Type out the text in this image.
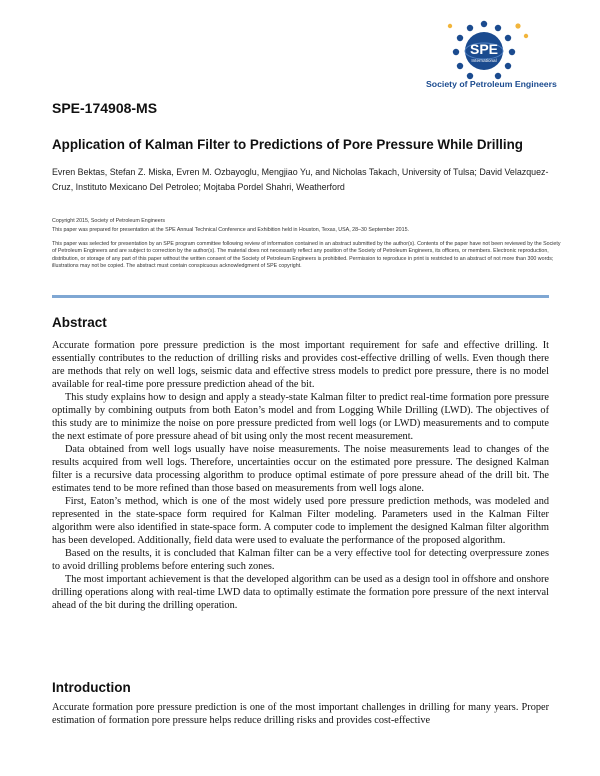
SPE
International
Society of Petroleum Engineers
SPE-174908-MS
Application of Kalman Filter to Predictions of Pore Pressure While Drilling
Evren Bektas, Stefan Z. Miska, Evren M. Ozbayoglu, Mengjiao Yu, and Nicholas Takach, University of Tulsa; David Velazquez-Cruz, Instituto Mexicano Del Petroleo; Mojtaba Pordel Shahri, Weatherford
Copyright 2015, Society of Petroleum Engineers
This paper was prepared for presentation at the SPE Annual Technical Conference and Exhibition held in Houston, Texas, USA, 28–30 September 2015.
This paper was selected for presentation by an SPE program committee following review of information contained in an abstract submitted by the author(s). Contents of the paper have not been reviewed by the Society of Petroleum Engineers and are subject to correction by the author(s). The material does not necessarily reflect any position of the Society of Petroleum Engineers, its officers, or members. Electronic reproduction, distribution, or storage of any part of this paper without the written consent of the Society of Petroleum Engineers is prohibited. Permission to reproduce in print is restricted to an abstract of not more than 300 words; illustrations may not be copied. The abstract must contain conspicuous acknowledgment of SPE copyright.
Abstract

Accurate formation pore pressure prediction is the most important requirement for safe and effective drilling. It essentially contributes to the reduction of drilling risks and provides cost-effective drilling of wells. Even though there are methods that rely on well logs, seismic data and effective stress models to predict pore pressure, there is no model available for real-time pore pressure prediction ahead of the bit.

This study explains how to design and apply a steady-state Kalman filter to predict real-time formation pore pressure optimally by combining outputs from both Eaton’s model and from Logging While Drilling (LWD). The objectives of this study are to minimize the noise on pore pressure predicted from well logs (or LWD) measurements and to compute the next estimate of pore pressure ahead of bit using only the most recent measurement.

Data obtained from well logs usually have noise measurements. The noise measurements lead to changes of the results acquired from well logs. Therefore, uncertainties occur on the estimated pore pressure. The designed Kalman filter is a recursive data processing algorithm to produce optimal estimate of pore pressure ahead of the drill bit. The estimates tend to be more refined than those based on measurements from well logs alone.

First, Eaton’s method, which is one of the most widely used pore pressure prediction methods, was modeled and represented in the state-space form required for Kalman Filter modeling. Parameters used in the Kalman Filter algorithm were also identified in state-space form. A computer code to implement the designed Kalman filter algorithm has been developed. Additionally, field data were used to evaluate the performance of the proposed algorithm.

Based on the results, it is concluded that Kalman filter can be a very effective tool for detecting overpressure zones to avoid drilling problems before entering such zones.

The most important achievement is that the developed algorithm can be used as a design tool in offshore and onshore drilling operations along with real-time LWD data to optimally estimate the formation pore pressure of the next interval ahead of the bit during the drilling operation.

Introduction

Accurate formation pore pressure prediction is one of the most important challenges in drilling for many years. Proper estimation of formation pore pressure helps reduce drilling risks and provides cost-effective
